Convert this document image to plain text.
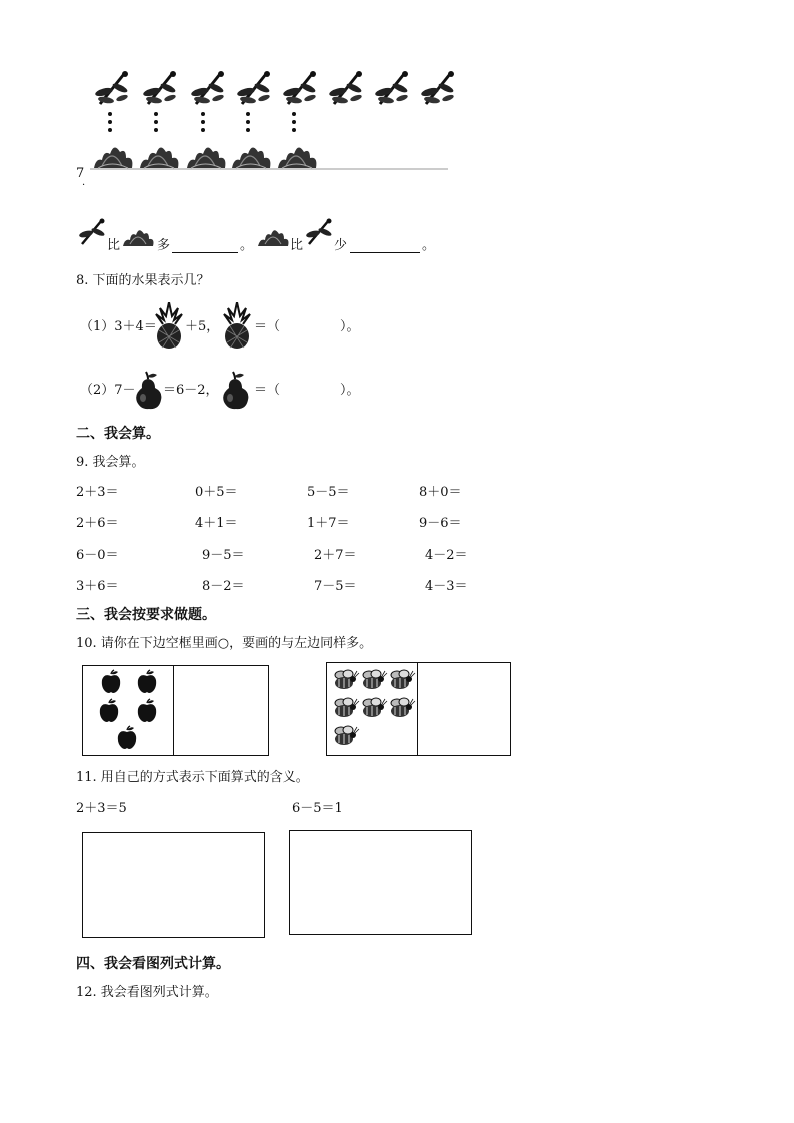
7
·
比	多	。	比 少	。
8. 下面的水果表示几？
（1）3＋4＝ ＋5，	＝（	）。
（2）7－ ＝6－2，	＝（	）。
二、我会算。
9. 我会算。
2＋3＝	0＋5＝	5－5＝	8＋0＝
2＋6＝	4＋1＝	1＋7＝	9－6＝
6－0＝	9－5＝	2＋7＝	4－2＝
3＋6＝	8－2＝	7－5＝	4－3＝
三、我会按要求做题。
10. 请你在下边空框里画○，要画的与左边同样多。
11. 用自己的方式表示下面算式的含义。
2＋3＝5	6－5＝1
四、我会看图列式计算。
12. 我会看图列式计算。
